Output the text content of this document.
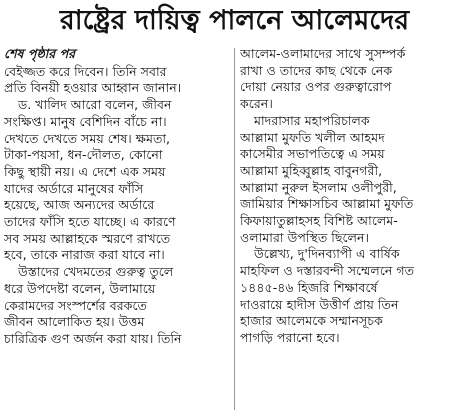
রাষ্ট্রের দায়িত্ব পালনে আলেমদের
শেষ পৃষ্ঠার পর
বেইজ্জত করে দিবেন। তিনি সবার
প্রতি বিনয়ী হওয়ার আহ্বান জানান।
ড. খালিদ আরো বলেন, জীবন
সংক্ষিপ্ত। মানুষ বেশিদিন বাঁচে না।
দেখতে দেখতে সময় শেষ। ক্ষমতা,
টাকা-পয়সা, ধন-দৌলত, কোনো
কিছু স্থায়ী নয়। এ দেশে এক সময়
যাদের অর্ডারে মানুষের ফাঁসি
হয়েছে, আজ অন্যদের অর্ডারে
তাদের ফাঁসি হতে যাচ্ছে। এ কারণে
সব সময় আল্লাহকে স্মরণে রাখতে
হবে, তাকে নারাজ করা যাবে না।
উস্তাদের খেদমতের গুরুত্ব তুলে
ধরে উপদেষ্টা বলেন, উলামায়ে
কেরামদের সংস্পর্শের বরকতে
জীবন আলোকিত হয়। উত্তম
চারিত্রিক গুণ অর্জন করা যায়। তিনি
আলেম-ওলামাদের সাথে সুসম্পর্ক
রাখা ও তাদের কাছ থেকে নেক
দোয়া নেয়ার ওপর গুরুত্বারোপ
করেন।
মাদরাসার মহাপরিচালক
আল্লামা মুফতি খলীল আহমদ
কাসেমীর সভাপতিত্বে এ সময়
আল্লামা মুহিব্বুল্লাহ বাবুনগরী,
আল্লামা নুরুল ইসলাম ওলীপুরী,
জামিয়ার শিক্ষাসচিব আল্লামা মুফতি
কিফায়াতুল্লাহসহ বিশিষ্ট আলেম-
ওলামারা উপস্থিত ছিলেন।
উল্লেখ্য, দু'দিনব্যাপী এ বার্ষিক
মাহফিল ও দস্তারবন্দী সম্মেলনে গত
১৪৪৫-৪৬ হিজরি শিক্ষাবর্ষে
দাওরায়ে হাদীস উত্তীর্ণ প্রায় তিন
হাজার আলেমকে সম্মানসূচক
পাগড়ি পরানো হবে।
